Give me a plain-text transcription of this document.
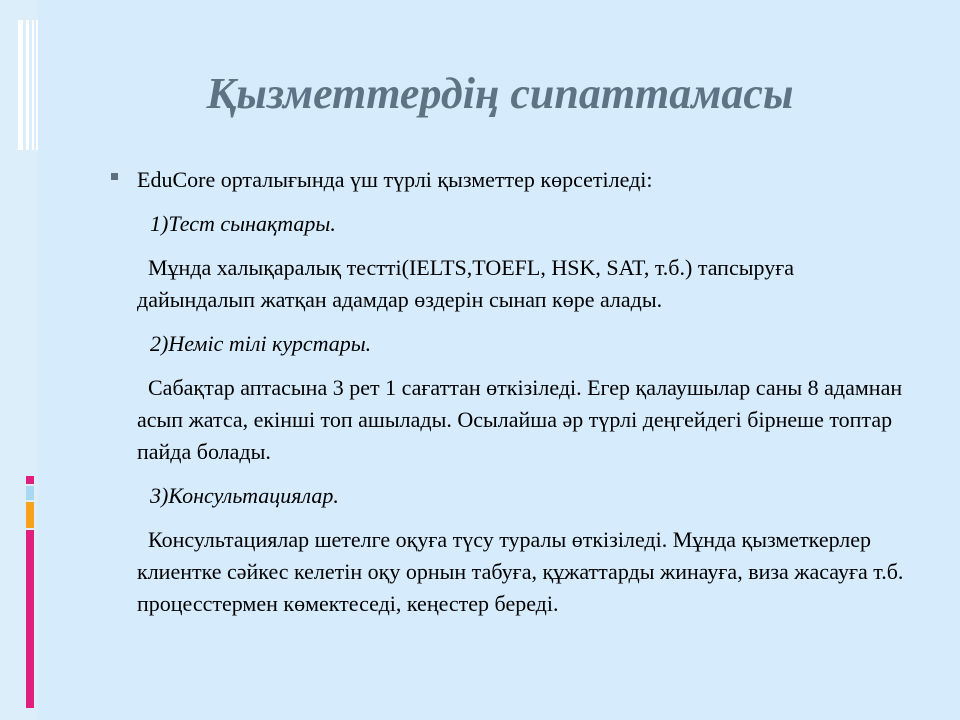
Қызметтердің сипаттамасы

EduCore орталығында үш түрлі қызметтер көрсетіледі:

1)Тест сынақтары.

Мұнда халықаралық тестті(IELTS,TOEFL, HSK, SAT, т.б.) тапсыруға дайындалып жатқан адамдар өздерін сынап көре алады.

2)Неміс тілі курстары.

Сабақтар аптасына 3 рет 1 сағаттан өткізіледі. Егер қалаушылар саны 8 адамнан асып жатса, екінші топ ашылады. Осылайша әр түрлі деңгейдегі бірнеше топтар пайда болады.

3)Консультациялар.

Консультациялар шетелге оқуға түсу туралы өткізіледі. Мұнда қызметкерлер клиентке сәйкес келетін оқу орнын табуға, құжаттарды жинауға, виза жасауға т.б. процесстермен көмектеседі, кеңестер береді.
